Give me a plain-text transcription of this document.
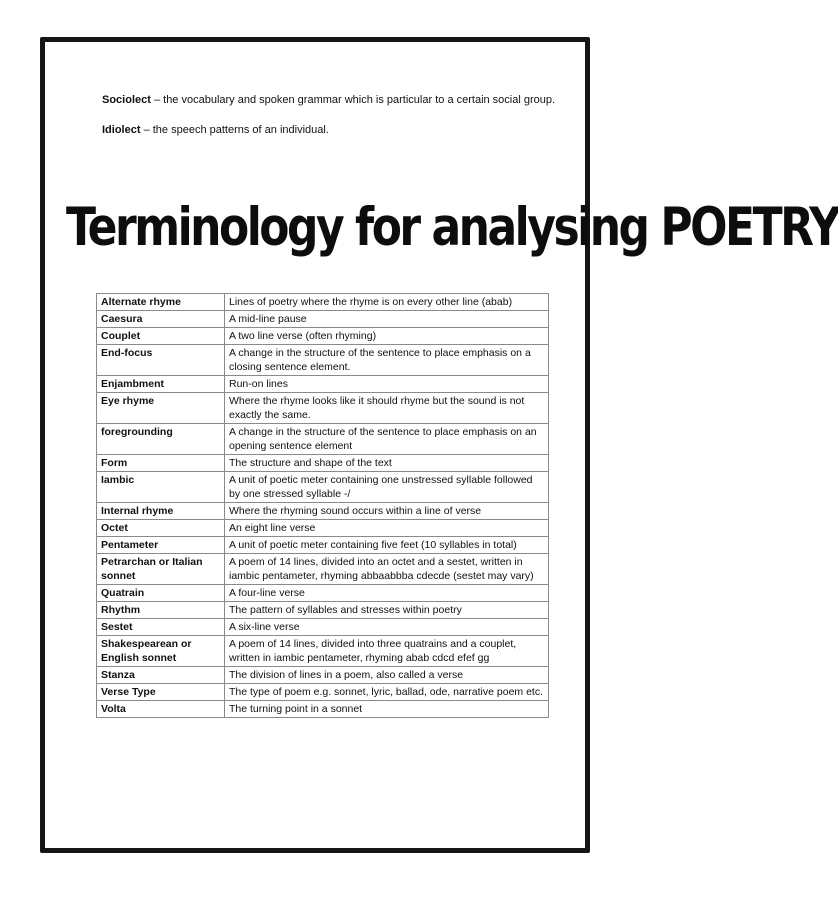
Sociolect – the vocabulary and spoken grammar which is particular to a certain social group.

Idiolect – the speech patterns of an individual.

Terminology for analysing POETRY
Alternate rhyme	Lines of poetry where the rhyme is on every other line (abab)
Caesura	A mid-line pause
Couplet	A two line verse (often rhyming)
End-focus	A change in the structure of the sentence to place emphasis on a closing sentence element.
Enjambment	Run-on lines
Eye rhyme	Where the rhyme looks like it should rhyme but the sound is not exactly the same.
foregrounding	A change in the structure of the sentence to place emphasis on an opening sentence element
Form	The structure and shape of the text
Iambic	A unit of poetic meter containing one unstressed syllable followed by one stressed syllable -/
Internal rhyme	Where the rhyming sound occurs within a line of verse
Octet	An eight line verse
Pentameter	A unit of poetic meter containing five feet (10 syllables in total)
Petrarchan or Italian sonnet	A poem of 14 lines, divided into an octet and a sestet, written in iambic pentameter, rhyming abbaabbba cdecde (sestet may vary)
Quatrain	A four-line verse
Rhythm	The pattern of syllables and stresses within poetry
Sestet	A six-line verse
Shakespearean or English sonnet	A poem of 14 lines, divided into three quatrains and a couplet, written in iambic pentameter, rhyming abab cdcd efef gg
Stanza	The division of lines in a poem, also called a verse
Verse Type	The type of poem e.g. sonnet, lyric, ballad, ode, narrative poem etc.
Volta	The turning point in a sonnet
